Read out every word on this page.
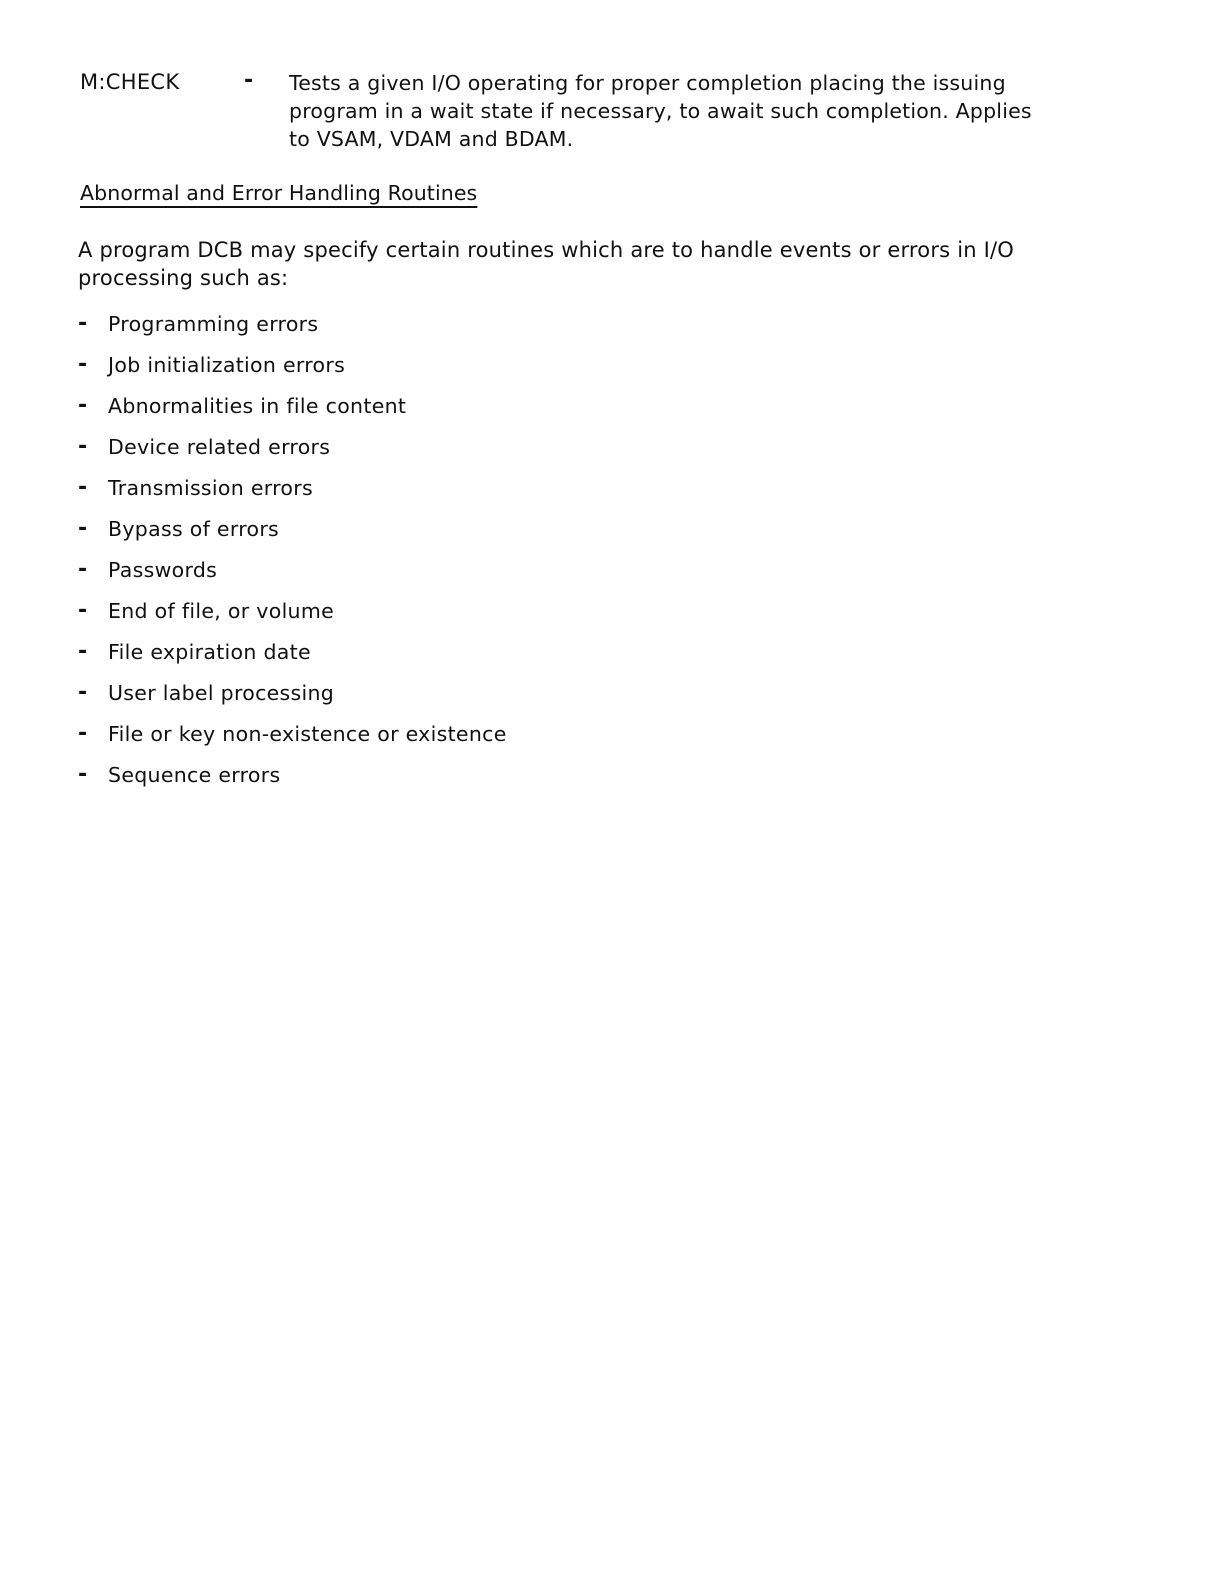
M:CHECK	- Tests a given I/O operating for proper completion placing the issuing program in a wait state if necessary, to await such completion. Applies to VSAM, VDAM and BDAM.
Abnormal and Error Handling Routines
A program DCB may specify certain routines which are to handle events or errors in I/O processing such as:
-	Programming errors
-	Job initialization errors
-	Abnormalities in file content
-	Device related errors
-	Transmission errors
-	Bypass of errors
-	Passwords
-	End of file, or volume
-	File expiration date
-	User label processing
-	File or key non-existence or existence
-	Sequence errors
